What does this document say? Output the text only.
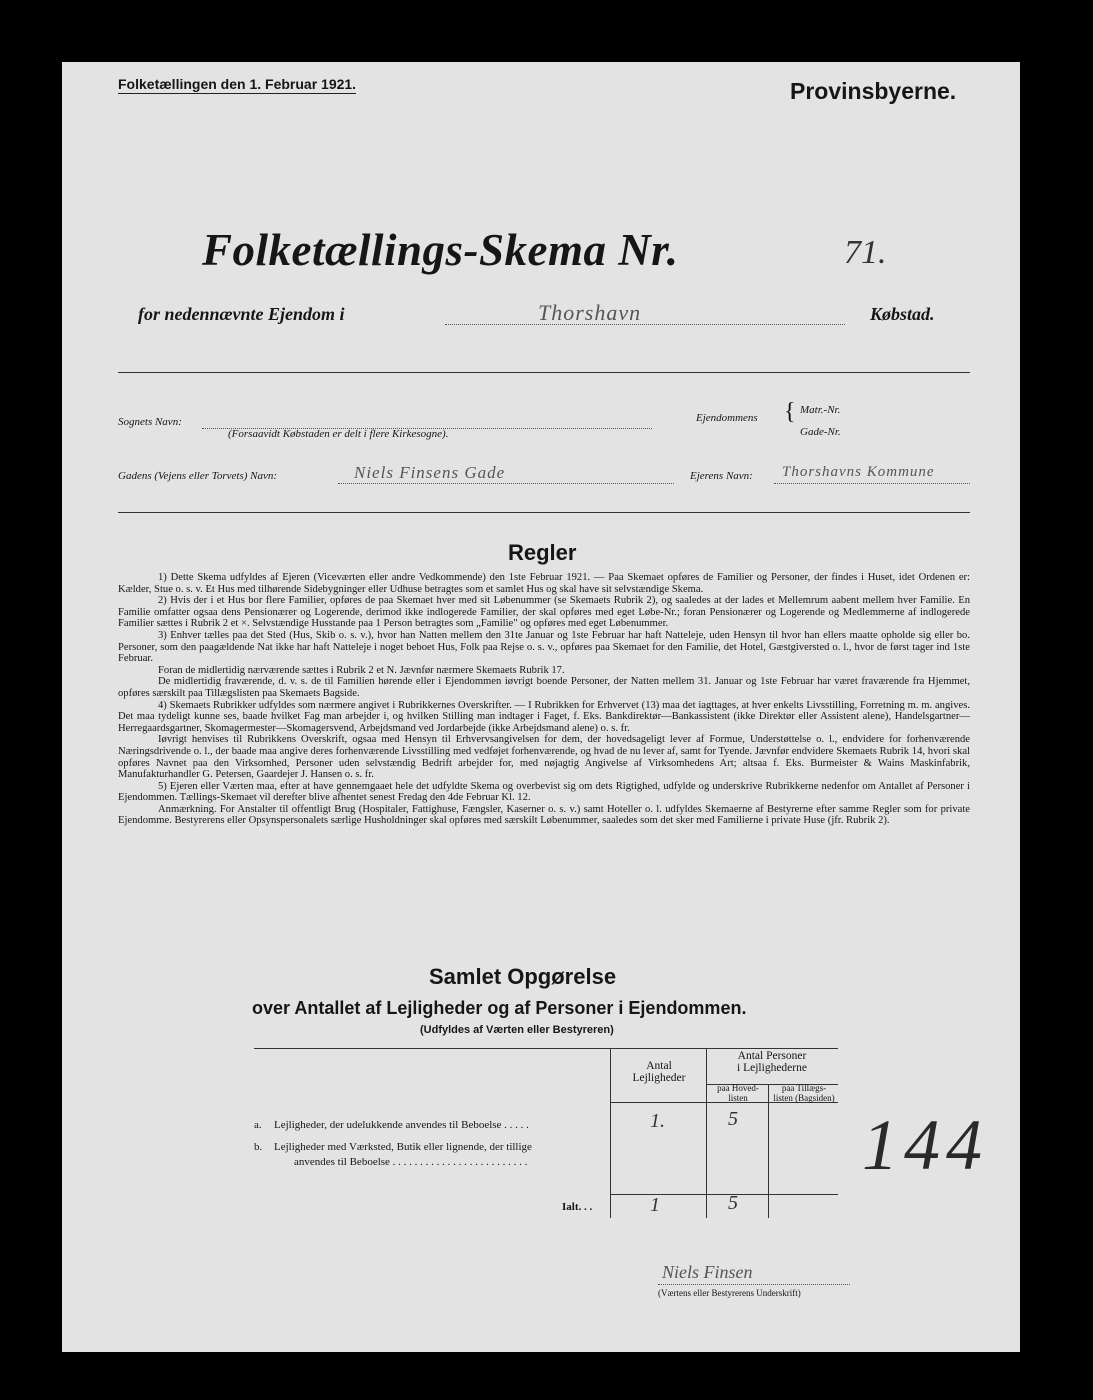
Folketællingen den 1. Februar 1921.	Provinsbyerne.
Folketællings-Skema Nr.	71.
for nedennævnte Ejendom i	Thorshavn	Købstad.
Sognets Navn:
(Forsaavidt Købstaden er delt i flere Kirkesogne).
Ejendommens { Matr.-Nr.
Gade-Nr.
Gadens (Vejens eller Torvets) Navn:	Niels Finsens Gade	Ejerens Navn: Thorshavns Kommune
Regler

1) Dette Skema udfyldes af Ejeren (Viceværten eller andre Vedkommende) den 1ste Februar 1921. — Paa Skemaet opføres de Familier og Personer, der findes i Huset, idet Ordenen er: Kælder, Stue o. s. v. Et Hus med tilhørende Sidebygninger eller Udhuse betragtes som et samlet Hus og skal have sit selvstændige Skema.

2) Hvis der i et Hus bor flere Familier, opføres de paa Skemaet hver med sit Løbenummer (se Skemaets Rubrik 2), og saaledes at der lades et Mellemrum aabent mellem hver Familie. En Familie omfatter ogsaa dens Pensionærer og Logerende, derimod ikke indlogerede Familier, der skal opføres med eget Løbe-Nr.; foran Pensionærer og Logerende og Medlemmerne af indlogerede Familier sættes i Rubrik 2 et ×. Selvstændige Husstande paa 1 Person betragtes som „Familie" og opføres med eget Løbenummer.

3) Enhver tælles paa det Sted (Hus, Skib o. s. v.), hvor han Natten mellem den 31te Januar og 1ste Februar har haft Natteleje, uden Hensyn til hvor han ellers maatte opholde sig eller bo. Personer, som den paagældende Nat ikke har haft Natteleje i noget beboet Hus, Folk paa Rejse o. s. v., opføres paa Skemaet for den Familie, det Hotel, Gæstgiversted o. l., hvor de først tager ind 1ste Februar.

Foran de midlertidig nærværende sættes i Rubrik 2 et N. Jævnfør nærmere Skemaets Rubrik 17.

De midlertidig fraværende, d. v. s. de til Familien hørende eller i Ejendommen iøvrigt boende Personer, der Natten mellem 31. Januar og 1ste Februar har været fraværende fra Hjemmet, opføres særskilt paa Tillægslisten paa Skemaets Bagside.

4) Skemaets Rubrikker udfyldes som nærmere angivet i Rubrikkernes Overskrifter. — I Rubrikken for Erhvervet (13) maa det iagttages, at hver enkelts Livsstilling, Forretning m. m. angives. Det maa tydeligt kunne ses, baade hvilket Fag man arbejder i, og hvilken Stilling man indtager i Faget, f. Eks. Bankdirektør—Bankassistent (ikke Direktør eller Assistent alene), Handelsgartner—Herregaardsgartner, Skomagermester—Skomagersvend, Arbejdsmand ved Jordarbejde (ikke Arbejdsmand alene) o. s. fr.

Iøvrigt henvises til Rubrikkens Overskrift, ogsaa med Hensyn til Erhvervsangivelsen for dem, der hovedsageligt lever af Formue, Understøttelse o. l., endvidere for forhenværende Næringsdrivende o. l., der baade maa angive deres forhenværende Livsstilling med vedføjet forhenværende, og hvad de nu lever af, samt for Tyende. Jævnfør endvidere Skemaets Rubrik 14, hvori skal opføres Navnet paa den Virksomhed, Personer uden selvstændig Bedrift arbejder for, med nøjagtig Angivelse af Virksomhedens Art; altsaa f. Eks. Burmeister & Wains Maskinfabrik, Manufakturhandler G. Petersen, Gaardejer J. Hansen o. s. fr.

5) Ejeren eller Værten maa, efter at have gennemgaaet hele det udfyldte Skema og overbevist sig om dets Rigtighed, udfylde og underskrive Rubrikkerne nedenfor om Antallet af Personer i Ejendommen. Tællings-Skemaet vil derefter blive afhentet senest Fredag den 4de Februar Kl. 12.

Anmærkning. For Anstalter til offentligt Brug (Hospitaler, Fattighuse, Fængsler, Kaserner o. s. v.) samt Hoteller o. l. udfyldes Skemaerne af Bestyrerne efter samme Regler som for private Ejendomme. Bestyrerens eller Opsynspersonalets særlige Husholdninger skal opføres med særskilt Løbenummer, saaledes som det sker med Familierne i private Huse (jfr. Rubrik 2).

Samlet Opgørelse
over Antallet af Lejligheder og af Personer i Ejendommen.
(Udfyldes af Værten eller Bestyreren)
Antal
Lejligheder
Antal Personer
i Lejlighederne
paa Hoved-
listen
paa Tillægs-
listen (Bagsiden)
a. Lejligheder, der udelukkende anvendes til Beboelse . . . . .	1.	5
b. Lejligheder med Værksted, Butik eller lignende, der tillige
anvendes til Beboelse . . . . . . . . . . . . . . . . . . . . . . . . .
Ialt. . .	1	5
144
Niels Finsen
(Værtens eller Bestyrerens Underskrift)
